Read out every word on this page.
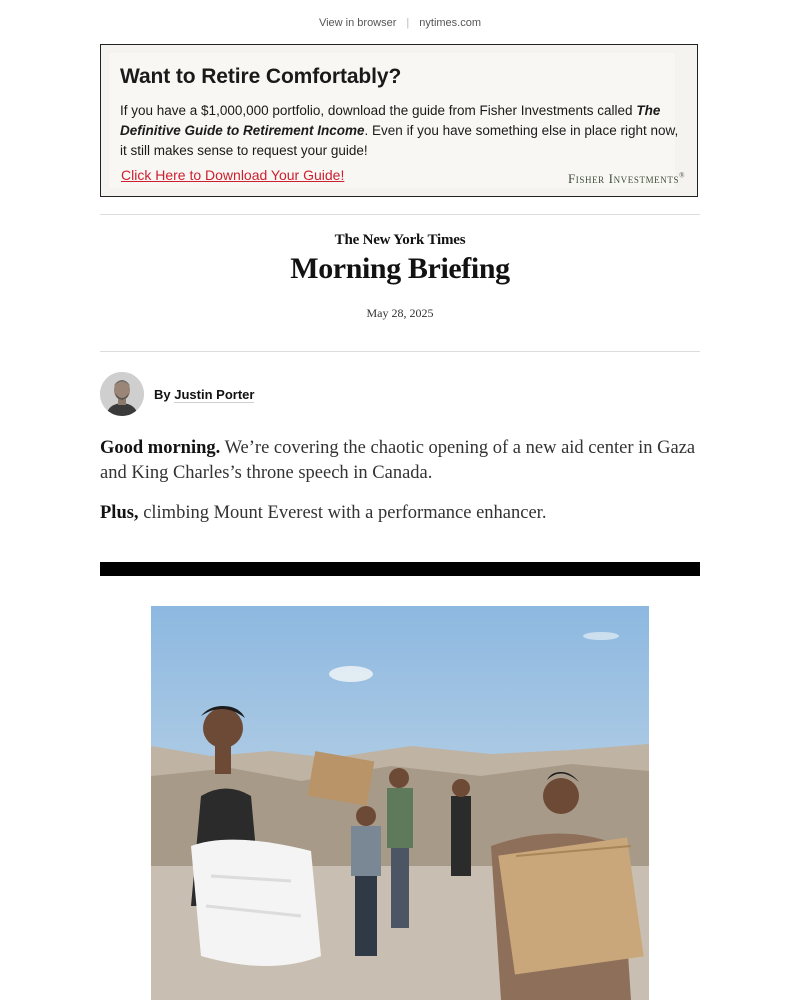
View in browser | nytimes.com
Want to Retire Comfortably?

If you have a $1,000,000 portfolio, download the guide from Fisher Investments called The Definitive Guide to Retirement Income. Even if you have something else in place right now, it still makes sense to request your guide!

Click Here to Download Your Guide!	Fisher Investments®
The New York Times
Morning Briefing
May 28, 2025
By Justin Porter

Good morning. We’re covering the chaotic opening of a new aid center in Gaza and King Charles’s throne speech in Canada.

Plus, climbing Mount Everest with a performance enhancer.
